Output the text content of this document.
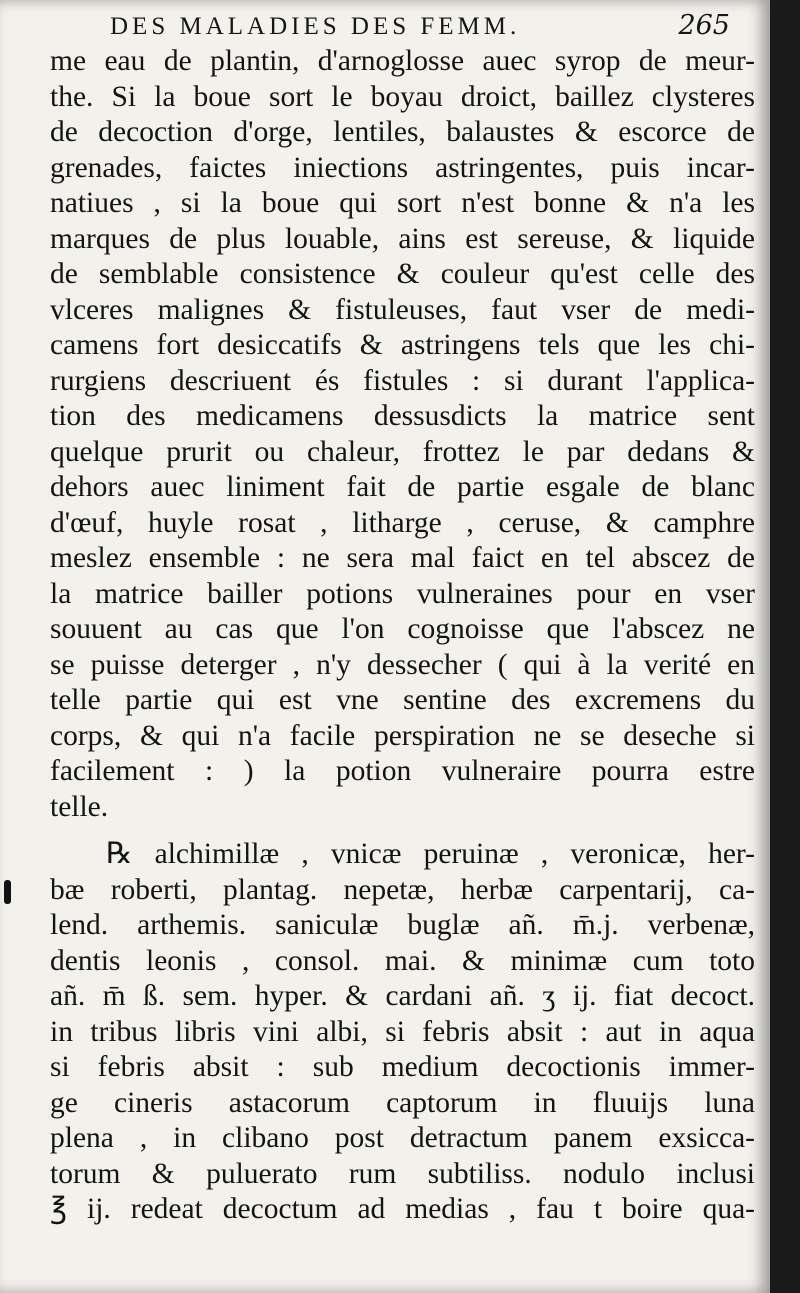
DES MALADIES DES FEMM.	265
me eau de plantin, d'arnoglosse auec syrop de meur-
the. Si la boue sort le boyau droict, baillez clysteres
de decoction d'orge, lentiles, balaustes & escorce de
grenades, faictes iniections astringentes, puis incar-
natiues , si la boue qui sort n'est bonne & n'a les
marques de plus louable, ains est sereuse, & liquide
de semblable consistence & couleur qu'est celle des
vlceres malignes & fistuleuses, faut vser de medi-
camens fort desiccatifs & astringens tels que les chi-
rurgiens descriuent és fistules : si durant l'applica-
tion des medicamens dessusdicts la matrice sent
quelque prurit ou chaleur, frottez le par dedans &
dehors auec liniment fait de partie esgale de blanc
d'œuf, huyle rosat , litharge , ceruse, & camphre
meslez ensemble : ne sera mal faict en tel abscez de
la matrice bailler potions vulneraines pour en vser
souuent au cas que l'on cognoisse que l'abscez ne
se puisse deterger , n'y dessecher ( qui à la verité en
telle partie qui est vne sentine des excremens du
corps, & qui n'a facile perspiration ne se deseche si
facilement : ) la potion vulneraire pourra estre
telle.
℞ alchimillæ , vnicæ peruinæ , veronicæ, her-
bæ roberti, plantag. nepetæ, herbæ carpentarij, ca-
lend. arthemis. saniculæ buglæ añ. m̄.j. verbenæ,
dentis leonis , consol. mai. & minimæ cum toto
añ. m̄ ß. sem. hyper. & cardani añ. ʒ ij. fiat decoct.
in tribus libris vini albi, si febris absit : aut in aqua
si febris absit : sub medium decoctionis immer-
ge cineris astacorum captorum in fluuijs luna
plena , in clibano post detractum panem exsicca-
torum & puluerato rum subtiliss. nodulo inclusi
℥ ij. redeat decoctum ad medias , fau t boire qua-
